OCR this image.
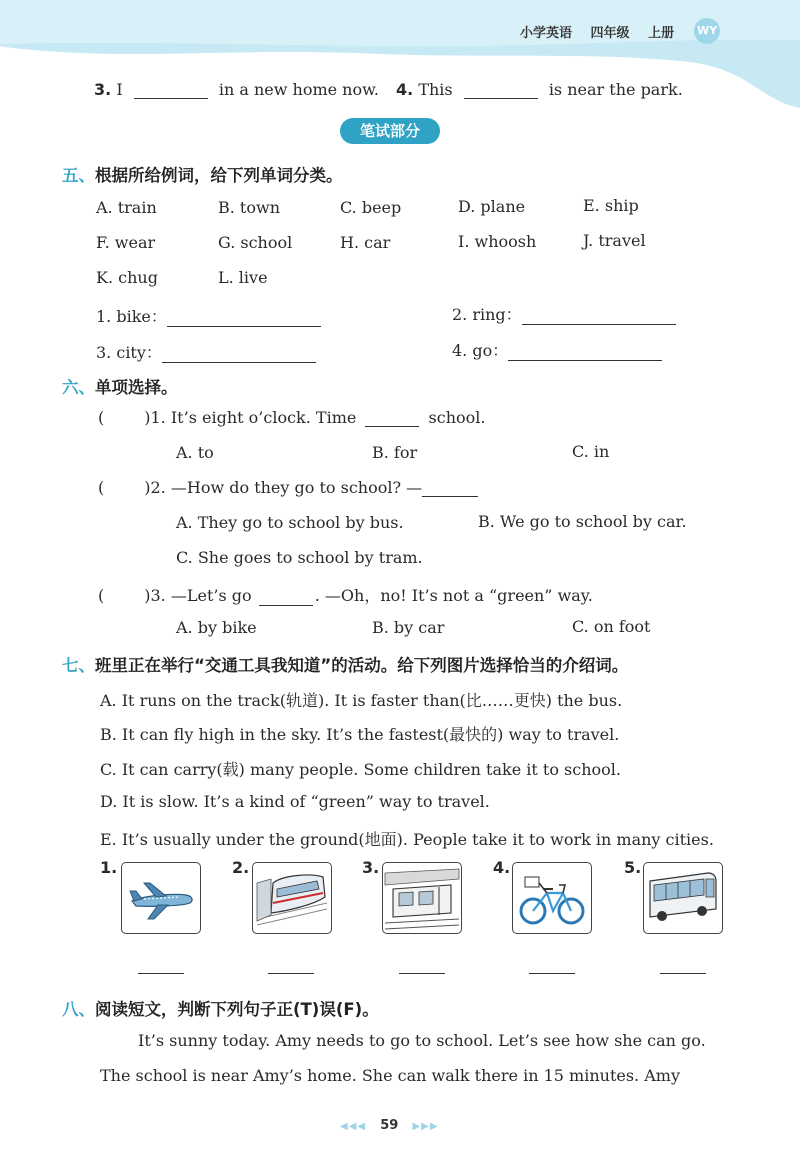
小学英语 四年级 上册 WY
3. I	in a new home now. 4. This	is near the park.
笔试部分
五、根据所给例词，给下列单词分类。
A. train	B. town	C. beep	D. plane	E. ship
F. wear	G. school	H. car	I. whoosh	J. travel
K. chug	L. live
1. bike：	2. ring：
3. city：	4. go：
六、单项选择。
(	)1. It’s eight o’clock. Time	school.
A. to	B. for	C. in
(	)2. —How do they go to school? —
A. They go to school by bus.	B. We go to school by car.
C. She goes to school by tram.
(	)3. —Let’s go	. —Oh，no! It’s not a “green” way.
A. by bike	B. by car	C. on foot
七、班里正在举行“交通工具我知道”的活动。给下列图片选择恰当的介绍词。
A. It runs on the track(轨道). It is faster than(比……更快) the bus.
B. It can fly high in the sky. It’s the fastest(最快的) way to travel.
C. It can carry(载) many people. Some children take it to school.
D. It is slow. It’s a kind of “green” way to travel.
E. It’s usually under the ground(地面). People take it to work in many cities.
1.	2.	3.	4.	5.
八、阅读短文，判断下列句子正(T)误(F)。
It’s sunny today. Amy needs to go to school. Let’s see how she can go.
The school is near Amy’s home. She can walk there in 15 minutes. Amy
◀◀◀ 59 ▶▶▶
